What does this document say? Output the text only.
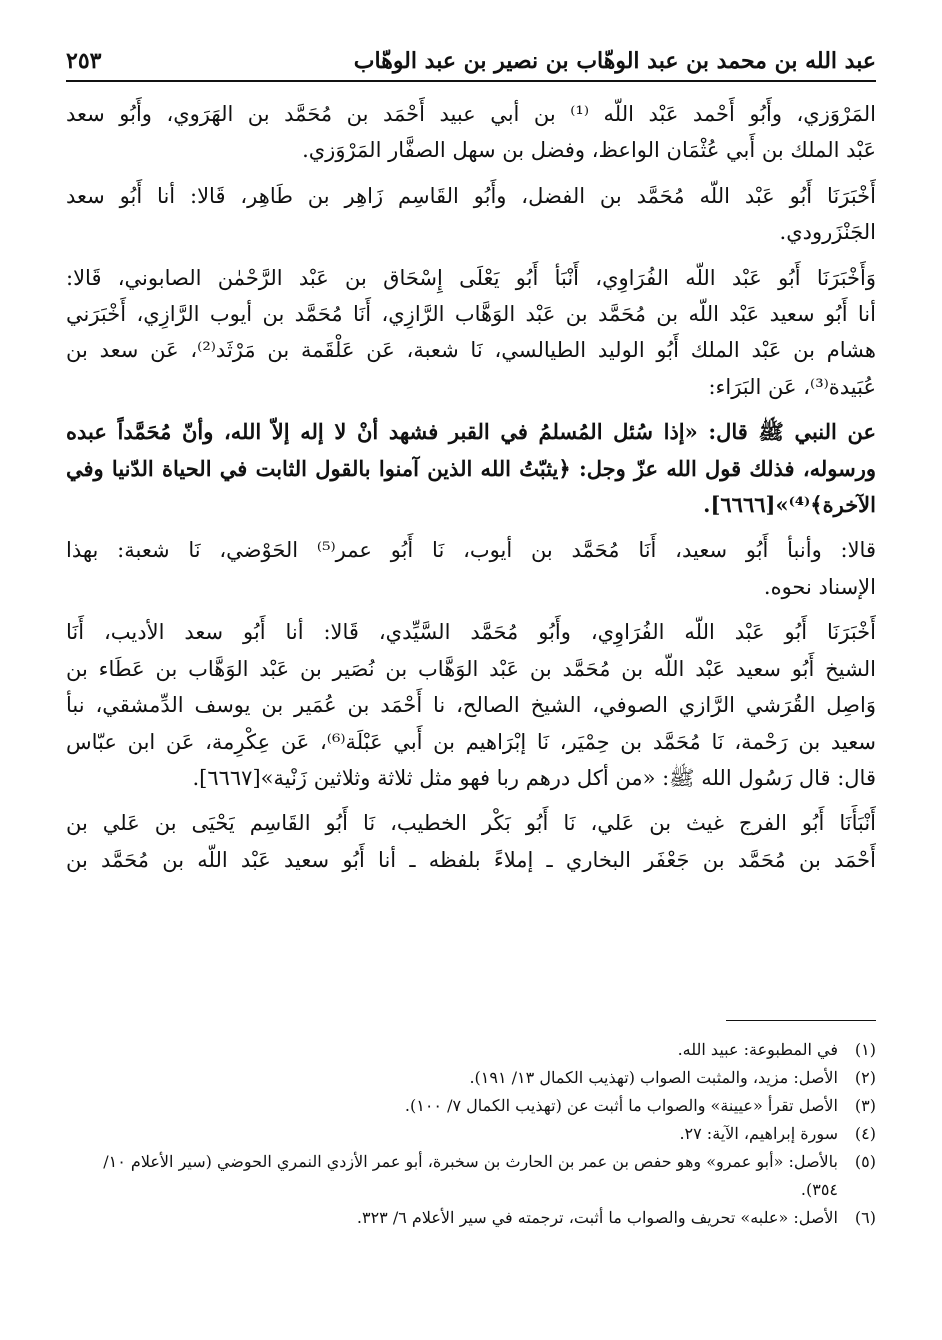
عبد الله بن محمد بن عبد الوهّاب بن نصير بن عبد الوهّاب
٢٥٣
المَرْوَزي، وأَبُو أَحْمد عَبْد اللّه ⁽¹⁾ بن أبي عبيد أَحْمَد بن مُحَمَّد بن الهَرَوي، وأَبُو سعد
عَبْد الملك بن أَبي عُثْمَان الواعظ، وفضل بن سهل الصفَّار المَرْوَزي.
أَخْبَرَنَا أَبُو عَبْد اللّه مُحَمَّد بن الفضل، وأَبُو القَاسِم زَاهِر بن طَاهِر، قَالا: أنا أَبُو سعد
الجَنْزَرودي.
وَأَخْبَرَنَا أَبُو عَبْد اللّه الفُرَاوِي، أَنْبَأ أَبُو يَعْلَى إِسْحَاق بن عَبْد الرَّحْمٰن الصابوني، قَالا:
أنا أَبُو سعيد عَبْد اللّه بن مُحَمَّد بن عَبْد الوَهَّاب الرَّازِي، أَنَا مُحَمَّد بن أيوب الرَّازِي، أَخْبَرَني
هشام بن عَبْد الملك أَبُو الوليد الطيالسي، نَا شعبة، عَن عَلْقَمة بن مَرْثَد⁽²⁾، عَن سعد بن
عُبَيدة⁽³⁾، عَن البَرَاء:
عن النبي ﷺ قال: «إذا سُئل المُسلمُ في القبر فشهد أنْ لا إله إلاّ الله، وأنّ مُحَمَّداً عبده
ورسوله، فذلك قول الله عزّ وجل: ﴿يثبّتُ الله الذين آمنوا بالقول الثابت في الحياة الدّنيا وفي
الآخرة﴾⁽⁴⁾»[٦٦٦٦].
قالا: وأنبأ أَبُو سعيد، أَنَا مُحَمَّد بن أيوب، نَا أَبُو عمر⁽⁵⁾ الحَوْضي، نَا شعبة: بهذا
الإسناد نحوه.
أَخْبَرَنَا أَبُو عَبْد اللّه الفُرَاوِي، وأَبُو مُحَمَّد السَّيِّدي، قَالا: أنا أَبُو سعد الأديب، أَنَا
الشيخ أَبُو سعيد عَبْد اللّه بن مُحَمَّد بن عَبْد الوَهَّاب بن نُصَير بن عَبْد الوَهَّاب بن عَطَاء بن
وَاصِل القُرَشي الرَّازي الصوفي، الشيخ الصالح، نا أَحْمَد بن عُمَير بن يوسف الدِّمشقي، نبأ
سعيد بن رَحْمة، نَا مُحَمَّد بن حِمْيَر، نَا إبْرَاهيم بن أَبي عَبْلَة⁽⁶⁾، عَن عِكْرِمة، عَن ابن عبّاس
قال: قال رَسُول الله ﷺ: «من أكل درهم ربا فهو مثل ثلاثة وثلاثين زَنْية»[٦٦٦٧].
أَنْبَأَنَا أَبُو الفرج غيث بن عَلي، نَا أَبُو بَكْر الخطيب، نَا أَبُو القَاسِم يَحْيَى بن عَلي بن
أَحْمَد بن مُحَمَّد بن جَعْفَر البخاري ـ إملاءً بلفظه ـ أنا أَبُو سعيد عَبْد اللّه بن مُحَمَّد بن
(١)
في المطبوعة: عبيد الله.
(٢)
الأصل: مزيد، والمثبت الصواب (تهذيب الكمال ١٣/ ١٩١).
(٣)
الأصل تقرأ «عيينة» والصواب ما أثبت عن (تهذيب الكمال ٧/ ١٠٠).
(٤)
سورة إبراهيم، الآية: ٢٧.
(٥)
بالأصل: «أبو عمرو» وهو حفص بن عمر بن الحارث بن سخبرة، أبو عمر الأزدي النمري الحوضي (سير الأعلام ١٠/ ٣٥٤).
(٦)
الأصل: «علبه» تحريف والصواب ما أثبت، ترجمته في سير الأعلام ٦/ ٣٢٣.
